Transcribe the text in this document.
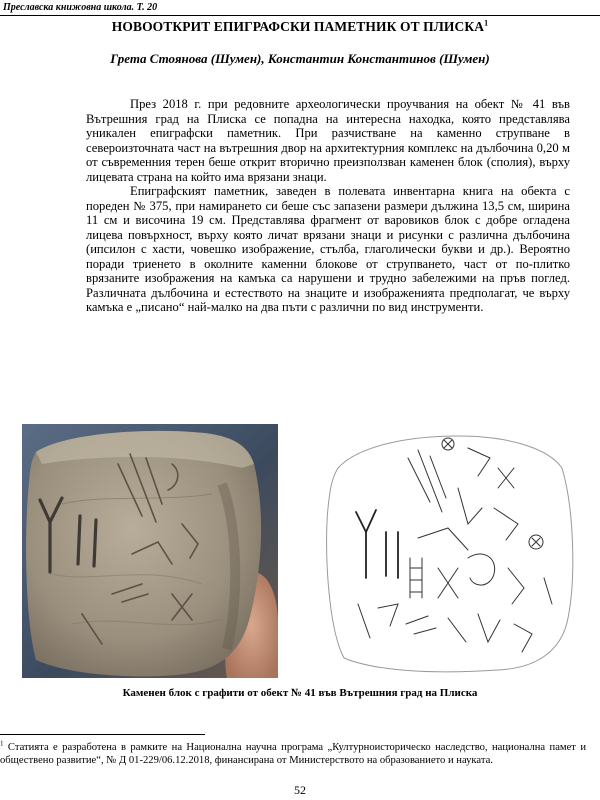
Преславска книжовна школа. Т. 20
НОВООТКРИТ ЕПИГРАФСКИ ПАМЕТНИК ОТ ПЛИСКА$^1$
Грета Стоянова (Шумен), Константин Константинов (Шумен)

През 2018 г. при редовните археологически проучвания на обект № 41 във Вътрешния град на Плиска се попадна на интересна находка, която представлява уникален епиграфски паметник. При разчистване на каменно струпване в североизточната част на вътрешния двор на архитектурния комплекс на дълбочина 0,20 м от съвременния терен беше открит вторично преизползван каменен блок (сполия), върху лицевата страна на който има врязани знаци.

Епиграфският паметник, заведен в полевата инвентарна книга на обекта с пореден № 375, при намирането си беше със запазени размери дължина 13,5 см, ширина 11 см и височина 19 см. Представлява фрагмент от варовиков блок с добре огладена лицева повърхност, върху която личат врязани знаци и рисунки с различна дълбочина (ипсилон с хасти, човешко изображение, стълба, глаголически букви и др.). Вероятно поради триенето в околните каменни блокове от струпването, част от по-плитко врязаните изображения на камъка са нарушени и трудно забележими на пръв поглед. Различната дълбочина и естеството на знаците и изображенията предполагат, че върху камъка е „писано“ най-малко на два пъти с различни по вид инструменти.

Каменен блок с графити от обект № 41 във Вътрешния град на Плиска
$^1$ Статията е разработена в рамките на Национална научна програма „Културноисторическо наследство, национална памет и обществено развитие“, № Д 01-229/06.12.2018, финансирана от Министерството на образованието и науката.
52
